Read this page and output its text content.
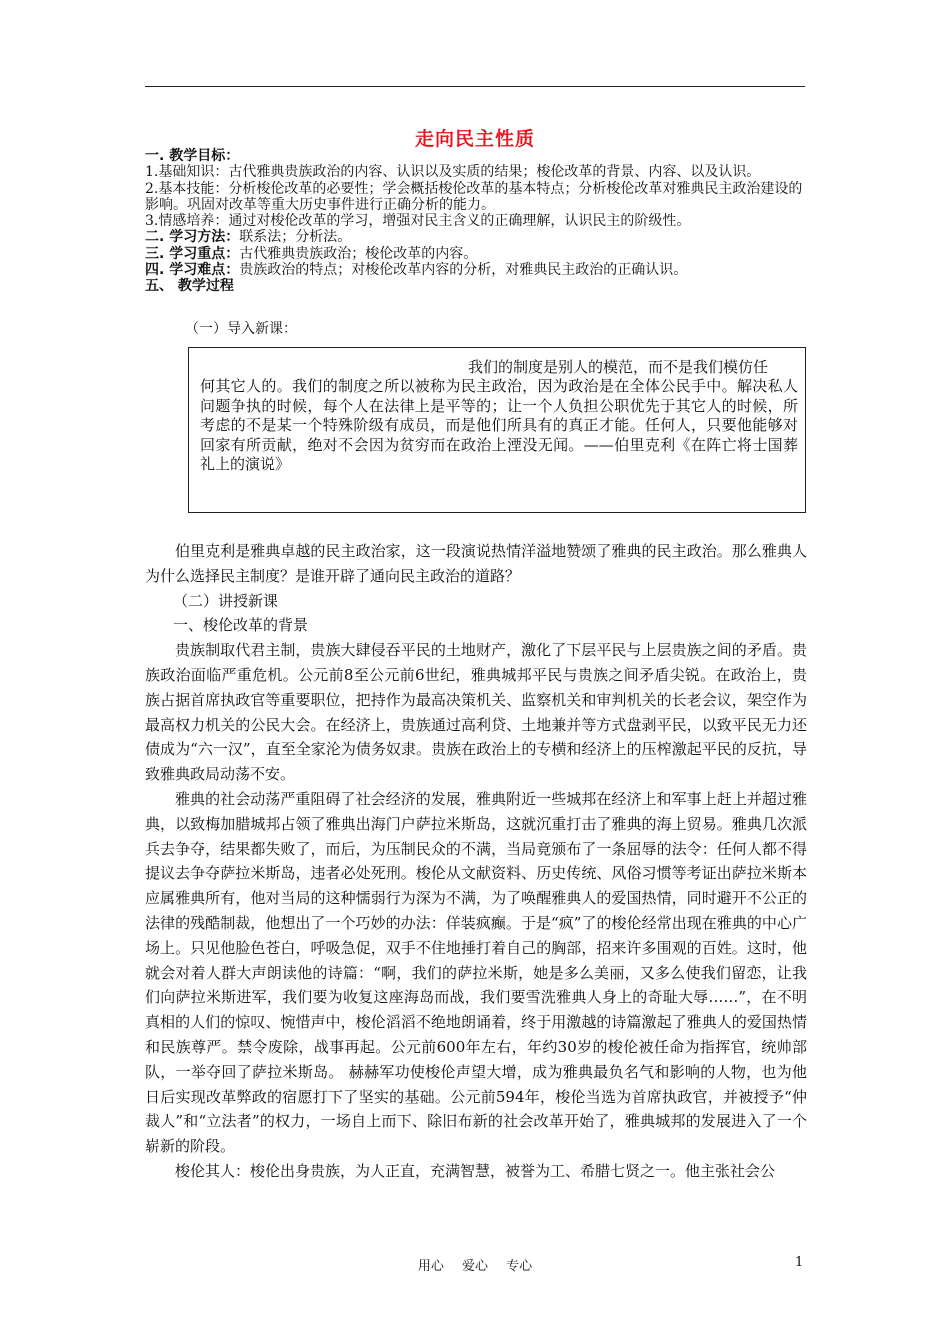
走向民主性质
一. 教学目标：
1.基础知识：古代雅典贵族政治的内容、认识以及实质的结果；梭伦改革的背景、内容、以及认识。
2.基本技能：分析梭伦改革的必要性；学会概括梭伦改革的基本特点；分析梭伦改革对雅典民主政治建设的影响。巩固对改革等重大历史事件进行正确分析的能力。
3.情感培养：通过对梭伦改革的学习，增强对民主含义的正确理解，认识民主的阶级性。
二. 学习方法：联系法；分析法。
三. 学习重点：古代雅典贵族政治；梭伦改革的内容。
四. 学习难点：贵族政治的特点；对梭伦改革内容的分析，对雅典民主政治的正确认识。
五、 教学过程
（一）导入新课：
我们的制度是别人的模范，而不是我们模仿任
何其它人的。我们的制度之所以被称为民主政治，因为政治是在全体公民手中。解决私人问题争执的时候，每个人在法律上是平等的；让一个人负担公职优先于其它人的时候，所考虑的不是某一个特殊阶级有成员，而是他们所具有的真正才能。任何人，只要他能够对回家有所贡献，绝对不会因为贫穷而在政治上湮没无闻。——伯里克利《在阵亡将士国葬礼上的演说》

伯里克利是雅典卓越的民主政治家，这一段演说热情洋溢地赞颂了雅典的民主政治。那么雅典人为什么选择民主制度？是谁开辟了通向民主政治的道路？

（二）讲授新课

一、梭伦改革的背景

贵族制取代君主制，贵族大肆侵吞平民的土地财产，激化了下层平民与上层贵族之间的矛盾。贵族政治面临严重危机。公元前8至公元前6世纪，雅典城邦平民与贵族之间矛盾尖锐。在政治上，贵族占据首席执政官等重要职位，把持作为最高决策机关、监察机关和审判机关的长老会议，架空作为最高权力机关的公民大会。在经济上，贵族通过高利贷、土地兼并等方式盘剥平民，以致平民无力还债成为“六一汉”，直至全家沦为债务奴隶。贵族在政治上的专横和经济上的压榨激起平民的反抗，导致雅典政局动荡不安。

雅典的社会动荡严重阻碍了社会经济的发展，雅典附近一些城邦在经济上和军事上赶上并超过雅典，以致梅加腊城邦占领了雅典出海门户萨拉米斯岛，这就沉重打击了雅典的海上贸易。雅典几次派兵去争夺，结果都失败了，而后，为压制民众的不满，当局竟颁布了一条屈辱的法令：任何人都不得提议去争夺萨拉米斯岛，违者必处死刑。梭伦从文献资料、历史传统、风俗习惯等考证出萨拉米斯本应属雅典所有，他对当局的这种懦弱行为深为不满，为了唤醒雅典人的爱国热情，同时避开不公正的法律的残酷制裁，他想出了一个巧妙的办法：佯装疯癫。于是“疯”了的梭伦经常出现在雅典的中心广场上。只见他脸色苍白，呼吸急促，双手不住地捶打着自己的胸部，招来许多围观的百姓。这时，他就会对着人群大声朗读他的诗篇：“啊，我们的萨拉米斯，她是多么美丽，又多么使我们留恋，让我们向萨拉米斯进军，我们要为收复这座海岛而战，我们要雪洗雅典人身上的奇耻大辱……”，在不明真相的人们的惊叹、惋惜声中，梭伦滔滔不绝地朗诵着，终于用激越的诗篇激起了雅典人的爱国热情和民族尊严。禁令废除，战事再起。公元前600年左右，年约30岁的梭伦被任命为指挥官，统帅部队，一举夺回了萨拉米斯岛。 赫赫军功使梭伦声望大增，成为雅典最负名气和影响的人物，也为他日后实现改革弊政的宿愿打下了坚实的基础。公元前594年，梭伦当选为首席执政官，并被授予“仲裁人”和“立法者”的权力，一场自上而下、除旧布新的社会改革开始了，雅典城邦的发展进入了一个崭新的阶段。

梭伦其人：梭伦出身贵族，为人正直，充满智慧，被誉为工、希腊七贤之一。他主张社会公

用心 爱心 专心	1
